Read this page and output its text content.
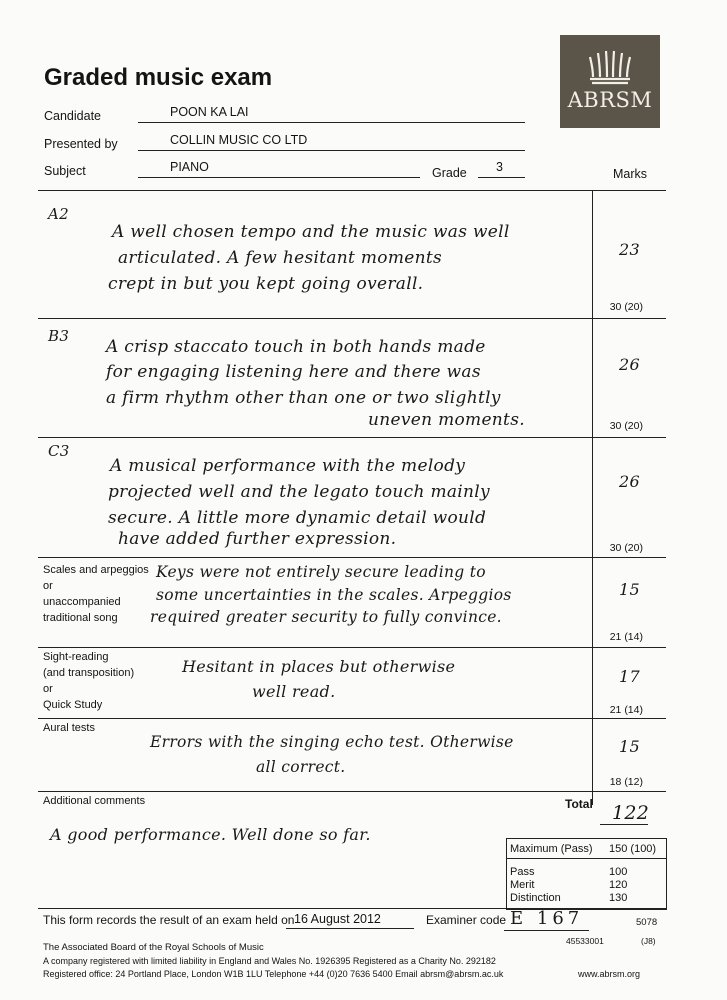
Graded music exam
ABRSM
Candidate	POON KA LAI
Presented by	COLLIN MUSIC CO LTD
Subject	PIANO	Grade 3	Marks
A2
A well chosen tempo and the music was well
articulated. A few hesitant moments
crept in but you kept going overall.
23
30 (20)
B3
A crisp staccato touch in both hands made
for engaging listening here and there was
a firm rhythm other than one or two slightly
uneven moments.
26
30 (20)
C3
A musical performance with the melody
projected well and the legato touch mainly
secure. A little more dynamic detail would
have added further expression.
26
30 (20)
Scales and arpeggios
or
unaccompanied
traditional song
Keys were not entirely secure leading to
some uncertainties in the scales. Arpeggios
required greater security to fully convince.
15
21 (14)
Sight-reading
(and transposition)
or
Quick Study
Hesitant in places but otherwise
well read.
17
21 (14)
Aural tests
Errors with the singing echo test. Otherwise
all correct.
15
18 (12)
Additional comments
A good performance. Well done so far.
Total 122
Maximum (Pass) 150 (100)
Pass	100
Merit	120
Distinction	130
This form records the result of an exam held on 16 August 2012	Examiner code E 167	5078
45533001	(J8)
The Associated Board of the Royal Schools of Music
A company registered with limited liability in England and Wales No. 1926395 Registered as a Charity No. 292182
Registered office: 24 Portland Place, London W1B 1LU Telephone +44 (0)20 7636 5400 Email abrsm@abrsm.ac.uk	www.abrsm.org
